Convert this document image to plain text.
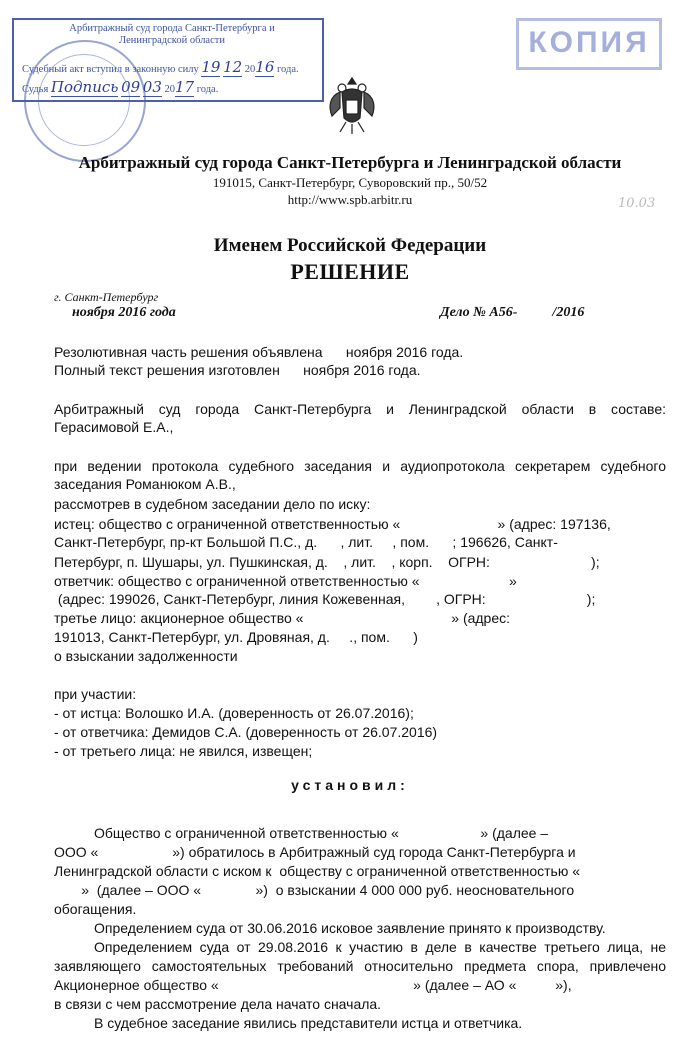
Арбитражный суд города Санкт-Петербурга и
Ленинградской области
Судебный акт вступил в законную силу 19 12 2016 года.
Судья Подпись 09 03 2017 года.
КОПИЯ
10.03
Арбитражный суд города Санкт-Петербурга и Ленинградской области
191015, Санкт-Петербург, Суворовский пр., 50/52
http://www.spb.arbitr.ru
Именем Российской Федерации
РЕШЕНИЕ
г. Санкт-Петербург
ноября 2016 года	Дело № А56-          /2016
Резолютивная часть решения объявлена      ноября 2016 года.
Полный текст решения изготовлен      ноября 2016 года.
Арбитражный суд города Санкт-Петербурга и Ленинградской области в составе:
Герасимовой Е.А.,
при ведении протокола судебного заседания и аудиопротокола секретарем судебного
заседания Романюком А.В.,
рассмотрев в судебном заседании дело по иску:
истец: общество с ограниченной ответственностью «                         » (адрес: 197136,
Санкт-Петербург, пр-кт Большой П.С., д.      , лит.     , пом.      ; 196626, Санкт-
Петербург, п. Шушары, ул. Пушкинская, д.    , лит.    , корп.    ОГРН:                          );
ответчик: общество с ограниченной ответственностью «                       »
(адрес: 199026, Санкт-Петербург, линия Кожевенная,        , ОГРН:                          );
третье лицо: акционерное общество «                                      » (адрес:
191013, Санкт-Петербург, ул. Дровяная, д.     ., пом.      )
о взыскании задолженности
при участии:
- от истца: Волошко И.А. (доверенность от 26.07.2016);
- от ответчика: Демидов С.А. (доверенность от 26.07.2016)
- от третьего лица: не явился, извещен;
установил:
Общество с ограниченной ответственностью «                     » (далее –
ООО «                   ») обратилось в Арбитражный суд города Санкт-Петербурга и
Ленинградской области с иском к  обществу с ограниченной ответственностью «
»  (далее – ООО «              »)  о взыскании 4 000 000 руб. неосновательного
обогащения.
Определением суда от 30.06.2016 исковое заявление принято к производству.
Определением суда от 29.08.2016 к участию в деле в качестве третьего лица, не
заявляющего самостоятельных требований относительно предмета спора, привлечено
Акционерное общество «                                                  » (далее – АО «          »),
в связи с чем рассмотрение дела начато сначала.
В судебное заседание явились представители истца и ответчика.
